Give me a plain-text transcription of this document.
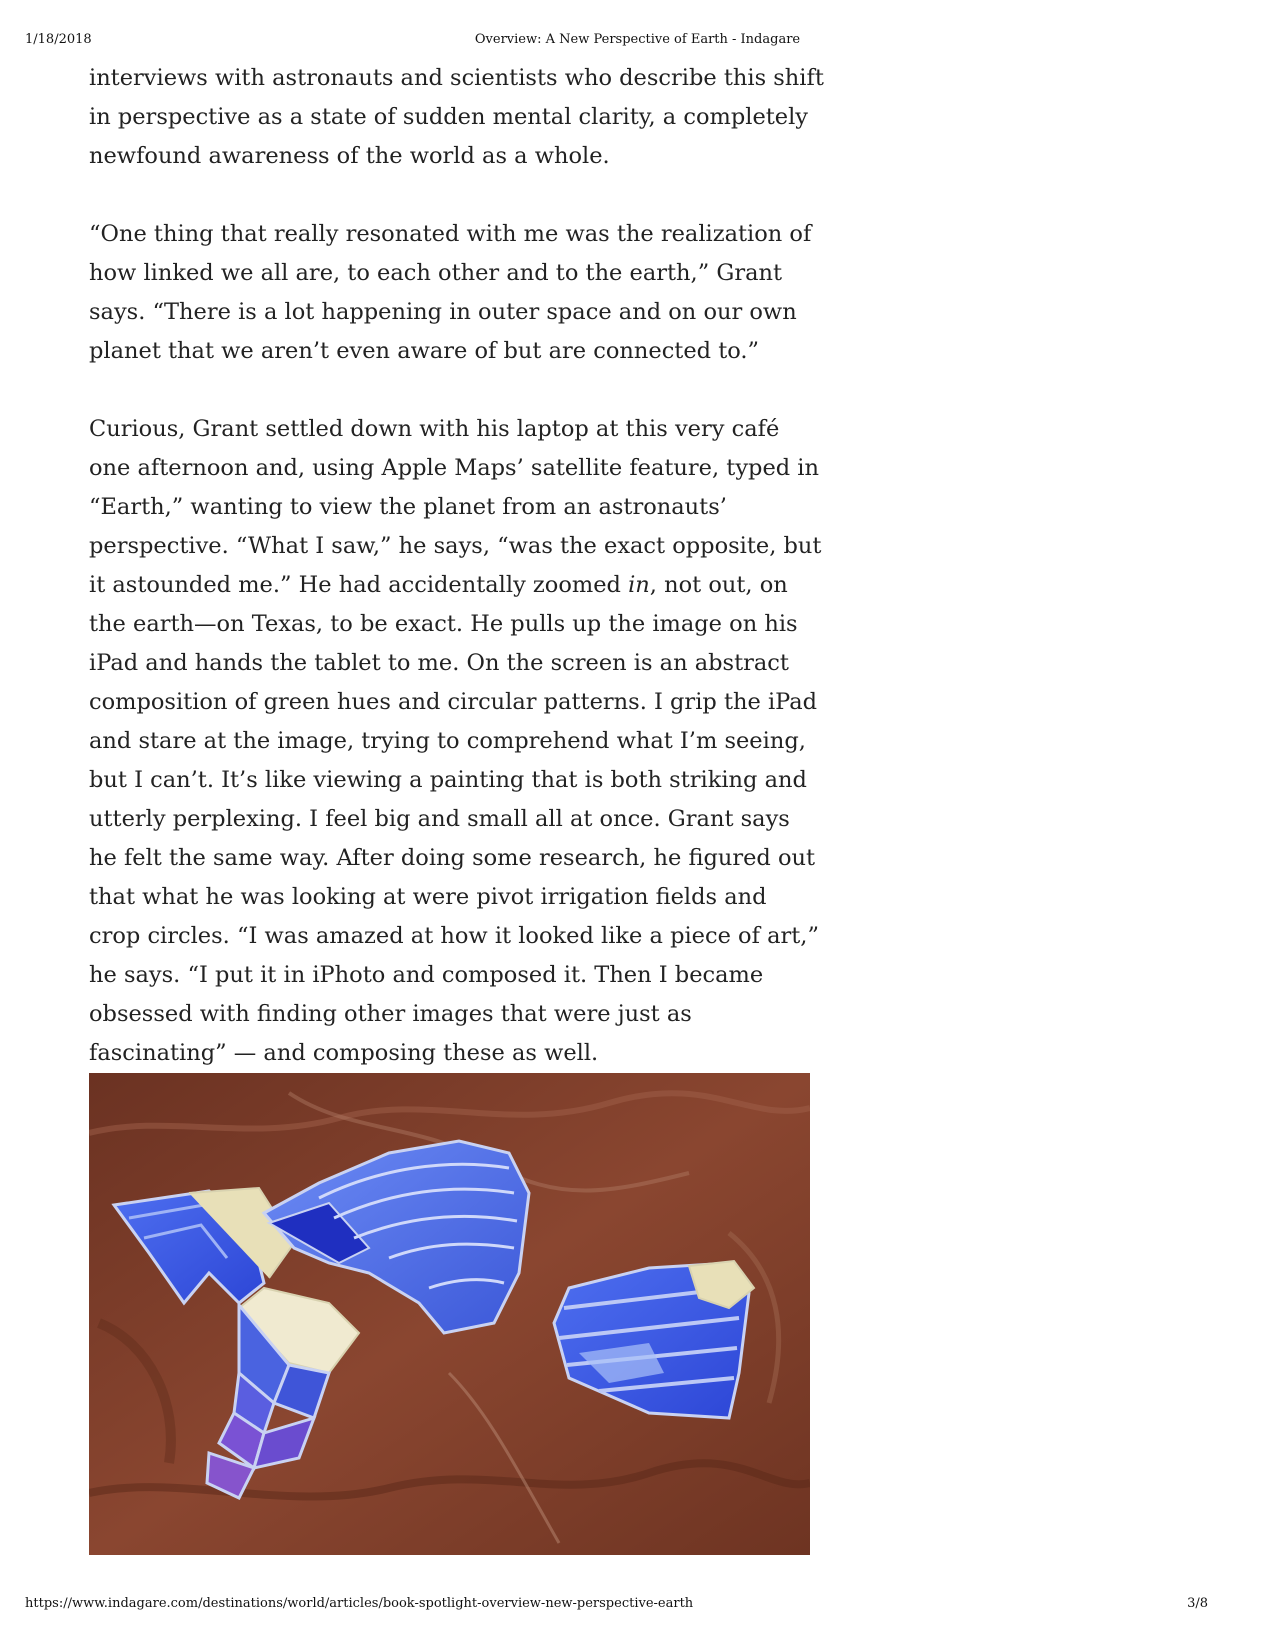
1/18/2018	Overview: A New Perspective of Earth - Indagare

interviews with astronauts and scientists who describe this shift in perspective as a state of sudden mental clarity, a completely newfound awareness of the world as a whole.

“One thing that really resonated with me was the realization of how linked we all are, to each other and to the earth,” Grant says. “There is a lot happening in outer space and on our own planet that we aren’t even aware of but are connected to.”

Curious, Grant settled down with his laptop at this very café one afternoon and, using Apple Maps’ satellite feature, typed in “Earth,” wanting to view the planet from an astronauts’ perspective. “What I saw,” he says, “was the exact opposite, but it astounded me.” He had accidentally zoomed in, not out, on the earth—on Texas, to be exact. He pulls up the image on his iPad and hands the tablet to me. On the screen is an abstract composition of green hues and circular patterns. I grip the iPad and stare at the image, trying to comprehend what I’m seeing, but I can’t. It’s like viewing a painting that is both striking and utterly perplexing. I feel big and small all at once. Grant says he felt the same way. After doing some research, he figured out that what he was looking at were pivot irrigation fields and crop circles. “I was amazed at how it looked like a piece of art,” he says. “I put it in iPhoto and composed it. Then I became obsessed with finding other images that were just as fascinating” — and composing these as well.

https://www.indagare.com/destinations/world/articles/book-spotlight-overview-new-perspective-earth	3/8
